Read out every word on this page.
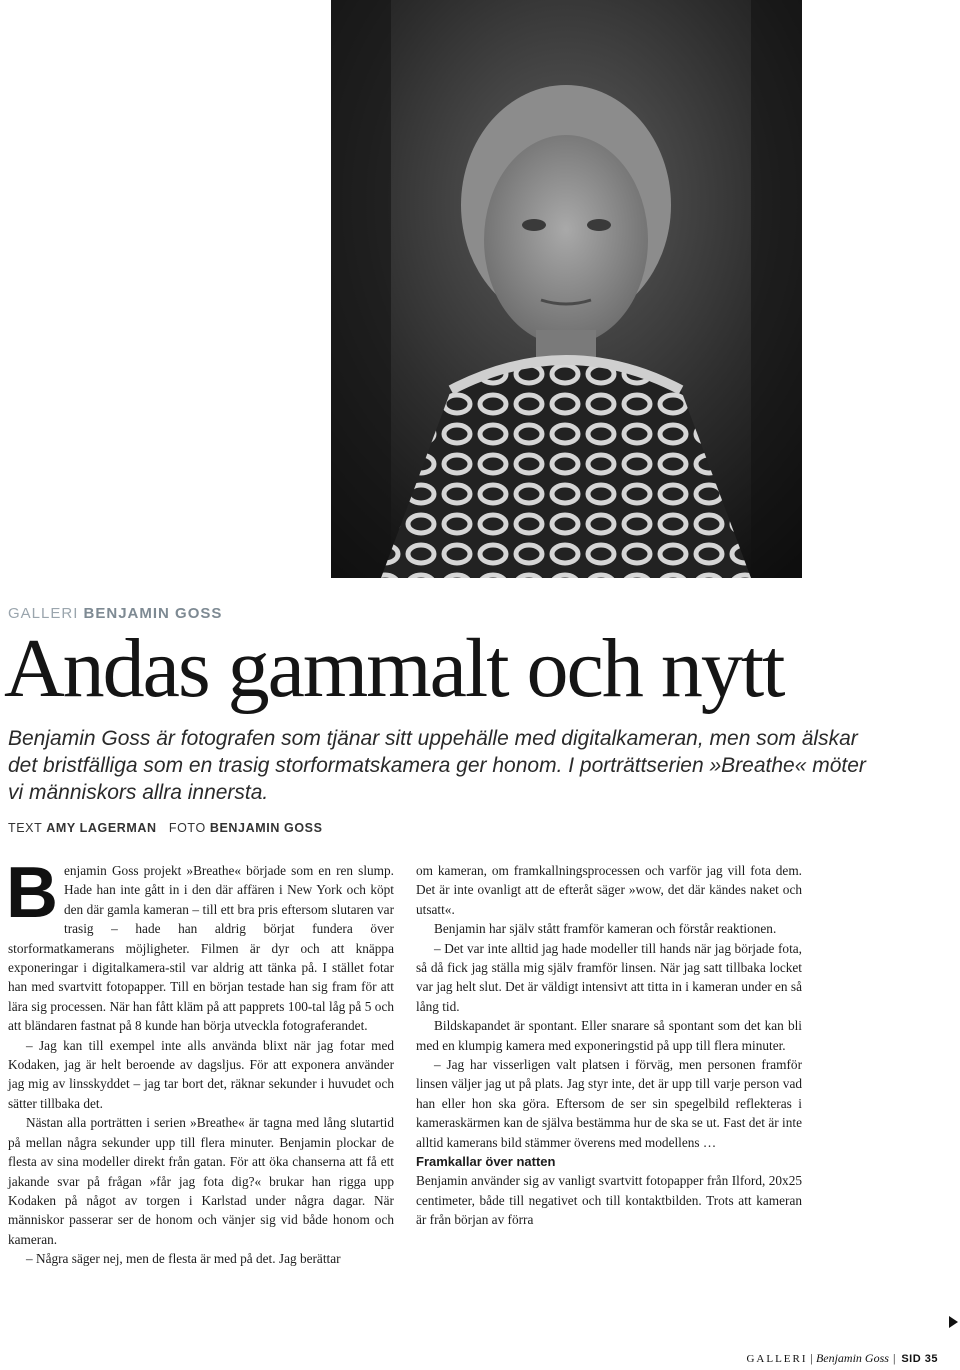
GALLERI BENJAMIN GOSS
Andas gammalt och nytt

Benjamin Goss är fotografen som tjänar sitt uppehälle med digitalkameran, men som älskar det bristfälliga som en trasig storformatskamera ger honom. I porträttserien »Breathe« möter vi människors allra innersta.

TEXT AMY LAGERMAN FOTO BENJAMIN GOSS

Benjamin Goss projekt »Breathe« började som en ren slump. Hade han inte gått in i den där affären i New York och köpt den där gamla kameran – till ett bra pris eftersom slutaren var trasig – hade han aldrig börjat fundera över storformatkamerans möjligheter. Filmen är dyr och att knäppa exponeringar i digitalkamera-stil var aldrig att tänka på. I stället fotar han med svartvitt fotopapper. Till en början testade han sig fram för att lära sig processen. När han fått kläm på att papprets 100-tal låg på 5 och att bländaren fastnat på 8 kunde han börja utveckla fotograferandet.

– Jag kan till exempel inte alls använda blixt när jag fotar med Kodaken, jag är helt beroende av dagsljus. För att exponera använder jag mig av linsskyddet – jag tar bort det, räknar sekunder i huvudet och sätter tillbaka det.

Nästan alla porträtten i serien »Breathe« är tagna med lång slutartid på mellan några sekunder upp till flera minuter. Benjamin plockar de flesta av sina modeller direkt från gatan. För att öka chanserna att få ett jakande svar på frågan »får jag fota dig?« brukar han rigga upp Kodaken på något av torgen i Karlstad under några dagar. När människor passerar ser de honom och vänjer sig vid både honom och kameran.

– Några säger nej, men de flesta är med på det. Jag berättar

om kameran, om framkallningsprocessen och varför jag vill fota dem. Det är inte ovanligt att de efteråt säger »wow, det där kändes naket och utsatt«.

Benjamin har själv stått framför kameran och förstår reaktionen.

– Det var inte alltid jag hade modeller till hands när jag började fota, så då fick jag ställa mig själv framför linsen. När jag satt tillbaka locket var jag helt slut. Det är väldigt intensivt att titta in i kameran under en så lång tid.

Bildskapandet är spontant. Eller snarare så spontant som det kan bli med en klumpig kamera med exponeringstid på upp till flera minuter.

– Jag har visserligen valt platsen i förväg, men personen framför linsen väljer jag ut på plats. Jag styr inte, det är upp till varje person vad han eller hon ska göra. Eftersom de ser sin spegelbild reflekteras i kameraskärmen kan de själva bestämma hur de ska se ut. Fast det är inte alltid kamerans bild stämmer överens med modellens …

Framkallar över natten

Benjamin använder sig av vanligt svartvitt fotopapper från Ilford, 20x25 centimeter, både till negativet och till kontaktbilden. Trots att kameran är från början av förra

GALLERI | Benjamin Goss | SID 35
